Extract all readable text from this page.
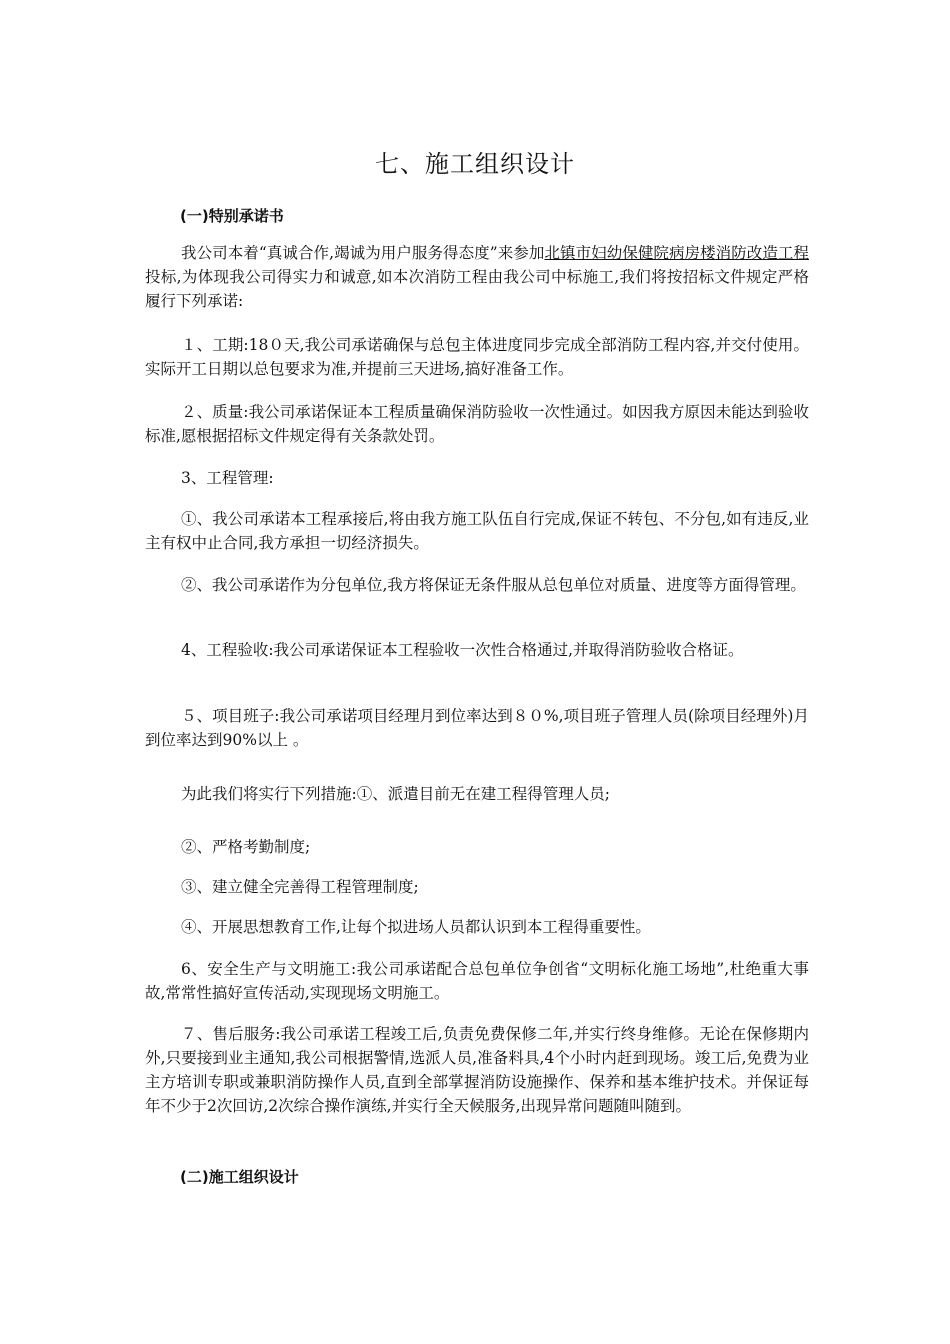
七、施工组织设计
(一)特别承诺书

我公司本着“真诚合作,竭诚为用户服务得态度”来参加北镇市妇幼保健院病房楼消防改造工程投标,为体现我公司得实力和诚意,如本次消防工程由我公司中标施工,我们将按招标文件规定严格履行下列承诺:

１、工期:18０天,我公司承诺确保与总包主体进度同步完成全部消防工程内容,并交付使用。实际开工日期以总包要求为准,并提前三天进场,搞好准备工作。

２、质量:我公司承诺保证本工程质量确保消防验收一次性通过。如因我方原因未能达到验收标准,愿根据招标文件规定得有关条款处罚。

3、工程管理:

①、我公司承诺本工程承接后,将由我方施工队伍自行完成,保证不转包、不分包,如有违反,业主有权中止合同,我方承担一切经济损失。

②、我公司承诺作为分包单位,我方将保证无条件服从总包单位对质量、进度等方面得管理。

4、工程验收:我公司承诺保证本工程验收一次性合格通过,并取得消防验收合格证。

５、项目班子:我公司承诺项目经理月到位率达到８０%,项目班子管理人员(除项目经理外)月到位率达到90%以上 。

为此我们将实行下列措施:①、派遣目前无在建工程得管理人员;

②、严格考勤制度;

③、建立健全完善得工程管理制度;

④、开展思想教育工作,让每个拟进场人员都认识到本工程得重要性。

6、安全生产与文明施工:我公司承诺配合总包单位争创省“文明标化施工场地”,杜绝重大事故,常常性搞好宣传活动,实现现场文明施工。

７、售后服务:我公司承诺工程竣工后,负责免费保修二年,并实行终身维修。无论在保修期内外,只要接到业主通知,我公司根据警情,选派人员,准备料具,4个小时内赶到现场。竣工后,免费为业主方培训专职或兼职消防操作人员,直到全部掌握消防设施操作、保养和基本维护技术。并保证每年不少于2次回访,2次综合操作演练,并实行全天候服务,出现异常问题随叫随到。

(二)施工组织设计
